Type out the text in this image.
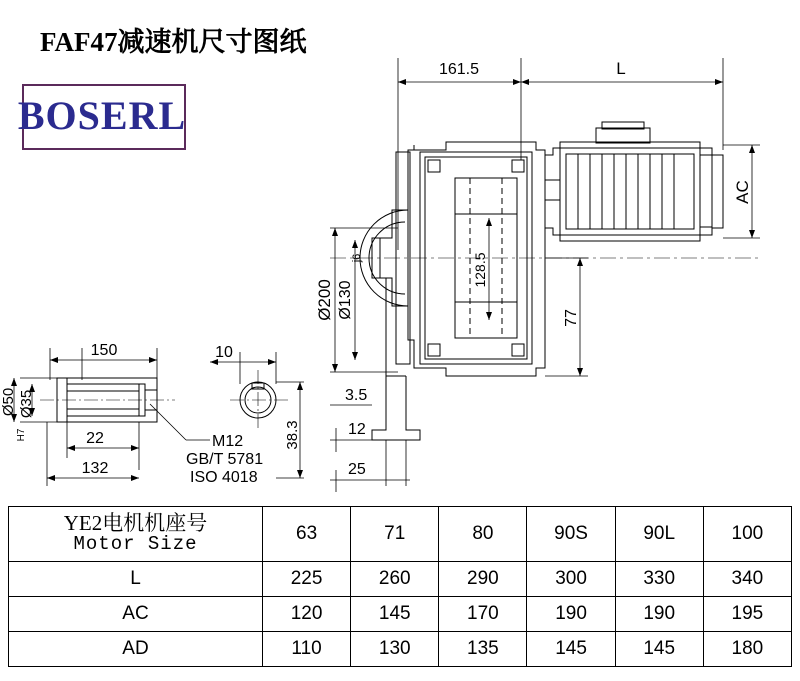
FAF47减速机尺寸图纸
BOSERL
161.5	L
AC
128.5
Ø200 Ø130
j6
77
3.5
12
25
150	10
22
132
Ø50 Ø35
H7	38.3
M12
GB/T 5781
ISO 4018
YE2电机机座号
Motor Size	63	71	80	90S	90L	100
L	225	260	290	300	330	340
AC	120	145	170	190	190	195
AD	110	130	135	145	145	180
